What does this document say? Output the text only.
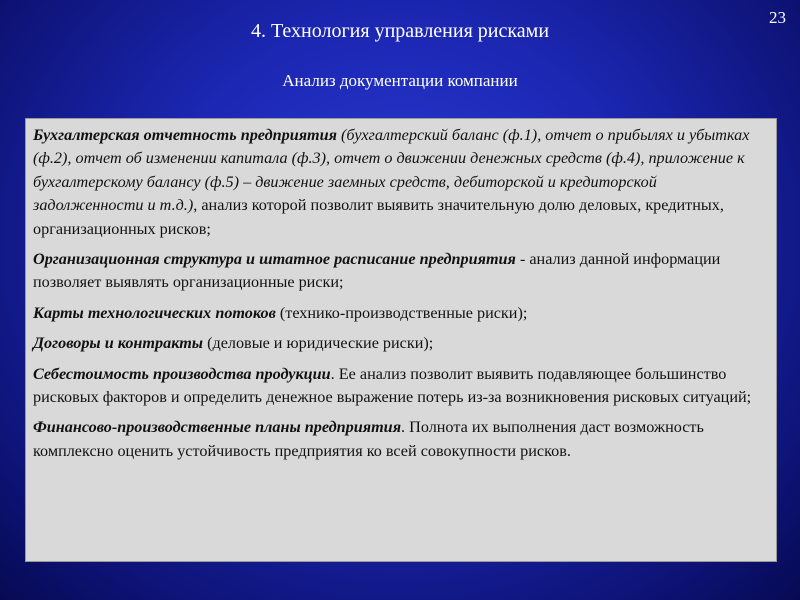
23
4. Технология управления рисками
Анализ документации компании

Бухгалтерская отчетность предприятия (бухгалтерский баланс (ф.1), отчет о прибылях и убытках (ф.2), отчет об изменении капитала (ф.3), отчет о движении денежных средств (ф.4), приложение к бухгалтерскому балансу (ф.5) – движение заемных средств, дебиторской и кредиторской задолженности и т.д.), анализ которой позволит выявить значительную долю деловых, кредитных, организационных рисков;

Организационная структура и штатное расписание предприятия - анализ данной информации позволяет выявлять организационные риски;

Карты технологических потоков (технико-производственные риски);

Договоры и контракты (деловые и юридические риски);

Себестоимость производства продукции. Ее анализ позволит выявить подавляющее большинство рисковых факторов и определить денежное выражение потерь из-за возникновения рисковых ситуаций;

Финансово-производственные планы предприятия. Полнота их выполнения даст возможность комплексно оценить устойчивость предприятия ко всей совокупности рисков.
